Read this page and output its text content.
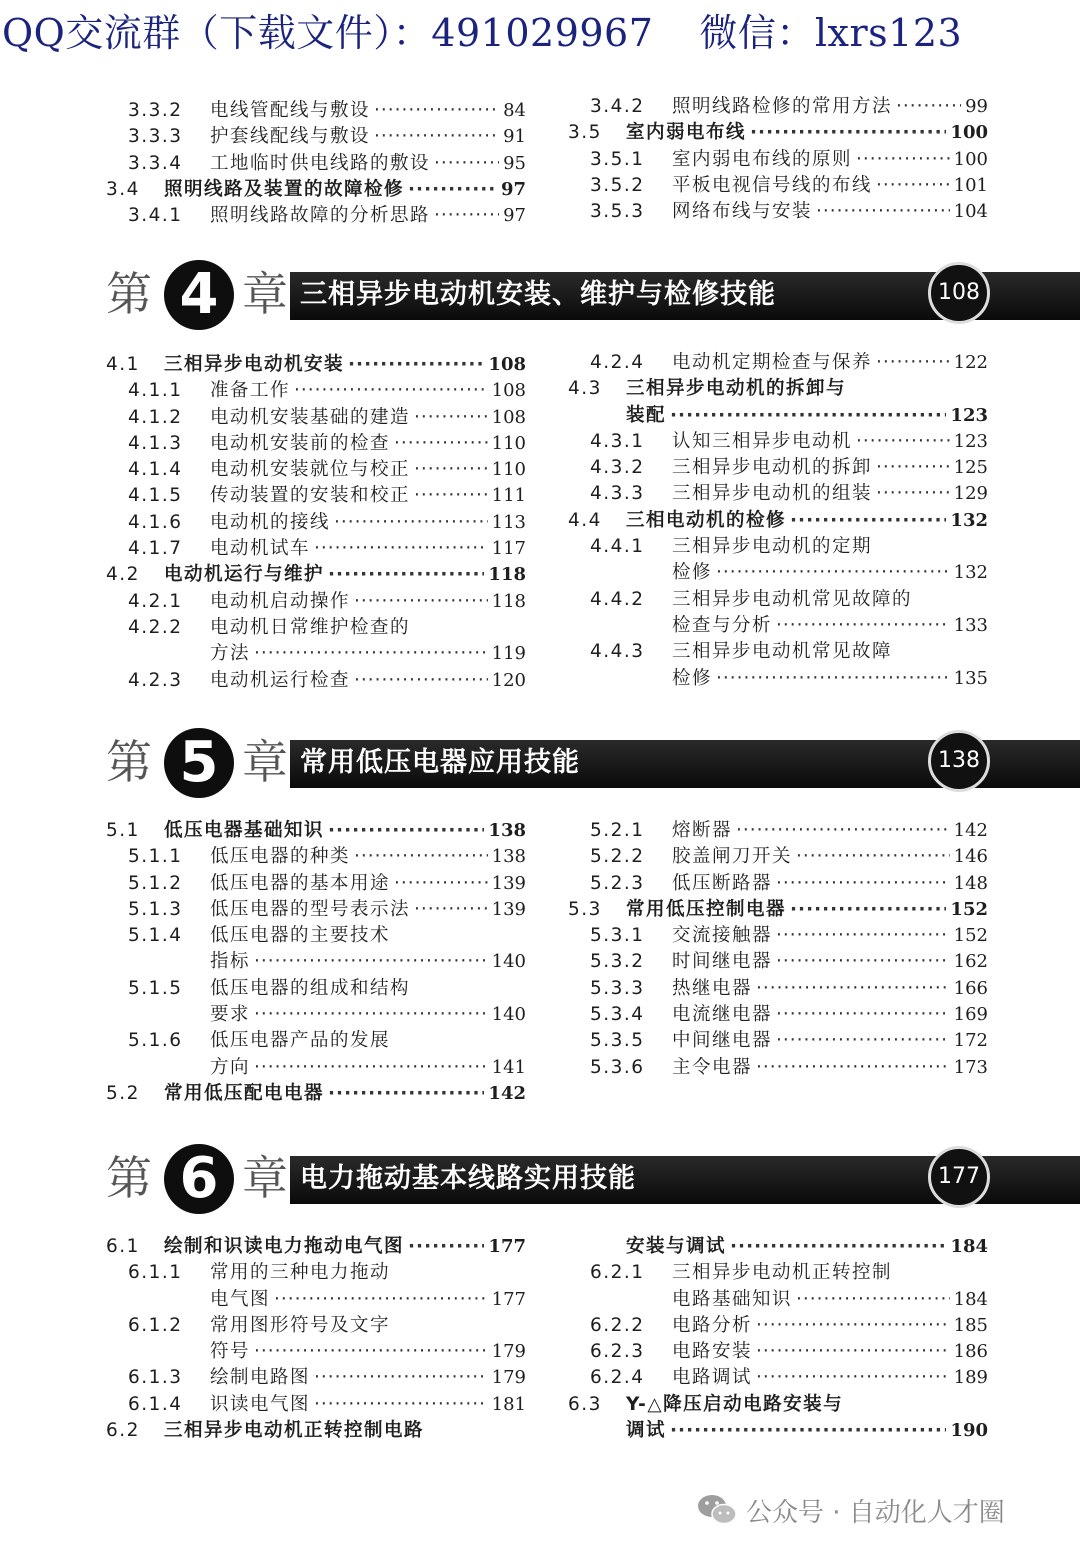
QQ交流群（下载文件）：491029967 微信：lxrs123
3.3.2 电线管配线与敷设 ·····	84
3.3.3 护套线配线与敷设 ·····	91
3.3.4 工地临时供电线路的敷设 ·····	95
3.4 照明线路及装置的故障检修 ·····	97
3.4.1 照明线路故障的分析思路 ·····	97
3.4.2 照明线路检修的常用方法 ·····	99
3.5 室内弱电布线 ·····	100
3.5.1 室内弱电布线的原则 ·····	100
3.5.2 平板电视信号线的布线 ·····	101
3.5.3 网络布线与安装 ·····	104
第 4 章 三相异步电动机安装、维护与检修技能	108
4.1 三相异步电动机安装 ·····	108
4.1.1 准备工作 ·····	108
4.1.2 电动机安装基础的建造 ·····	108
4.1.3 电动机安装前的检查 ·····	110
4.1.4 电动机安装就位与校正 ·····	110
4.1.5 传动装置的安装和校正 ·····	111
4.1.6 电动机的接线 ·····	113
4.1.7 电动机试车 ·····	117
4.2 电动机运行与维护 ·····	118
4.2.1 电动机启动操作 ·····	118
4.2.2 电动机日常维护检查的
方法 ·····	119
4.2.3 电动机运行检查 ·····	120
4.2.4 电动机定期检查与保养 ·····	122
4.3 三相异步电动机的拆卸与
装配 ·····	123
4.3.1 认知三相异步电动机 ·····	123
4.3.2 三相异步电动机的拆卸 ·····	125
4.3.3 三相异步电动机的组装 ·····	129
4.4 三相电动机的检修 ·····	132
4.4.1 三相异步电动机的定期
检修 ·····	132
4.4.2 三相异步电动机常见故障的
检查与分析 ·····	133
4.4.3 三相异步电动机常见故障
检修 ·····	135
第 5 章 常用低压电器应用技能	138
5.1 低压电器基础知识 ·····	138
5.1.1 低压电器的种类 ·····	138
5.1.2 低压电器的基本用途 ·····	139
5.1.3 低压电器的型号表示法 ·····	139
5.1.4 低压电器的主要技术
指标 ·····	140
5.1.5 低压电器的组成和结构
要求 ·····	140
5.1.6 低压电器产品的发展
方向 ·····	141
5.2 常用低压配电电器 ·····	142
5.2.1 熔断器 ·····	142
5.2.2 胶盖闸刀开关 ·····	146
5.2.3 低压断路器 ·····	148
5.3 常用低压控制电器 ·····	152
5.3.1 交流接触器 ·····	152
5.3.2 时间继电器 ·····	162
5.3.3 热继电器 ·····	166
5.3.4 电流继电器 ·····	169
5.3.5 中间继电器 ·····	172
5.3.6 主令电器 ·····	173
第 6 章 电力拖动基本线路实用技能	177
6.1 绘制和识读电力拖动电气图 ·····	177
6.1.1 常用的三种电力拖动
电气图 ·····	177
6.1.2 常用图形符号及文字
符号 ·····	179
6.1.3 绘制电路图 ·····	179
6.1.4 识读电气图 ·····	181
6.2 三相异步电动机正转控制电路
安装与调试 ·····	184
6.2.1 三相异步电动机正转控制
电路基础知识 ·····	184
6.2.2 电路分析 ·····	185
6.2.3 电路安装 ·····	186
6.2.4 电路调试 ·····	189
6.3 Y-△降压启动电路安装与
调试 ·····	190
公众号 · 自动化人才圈
